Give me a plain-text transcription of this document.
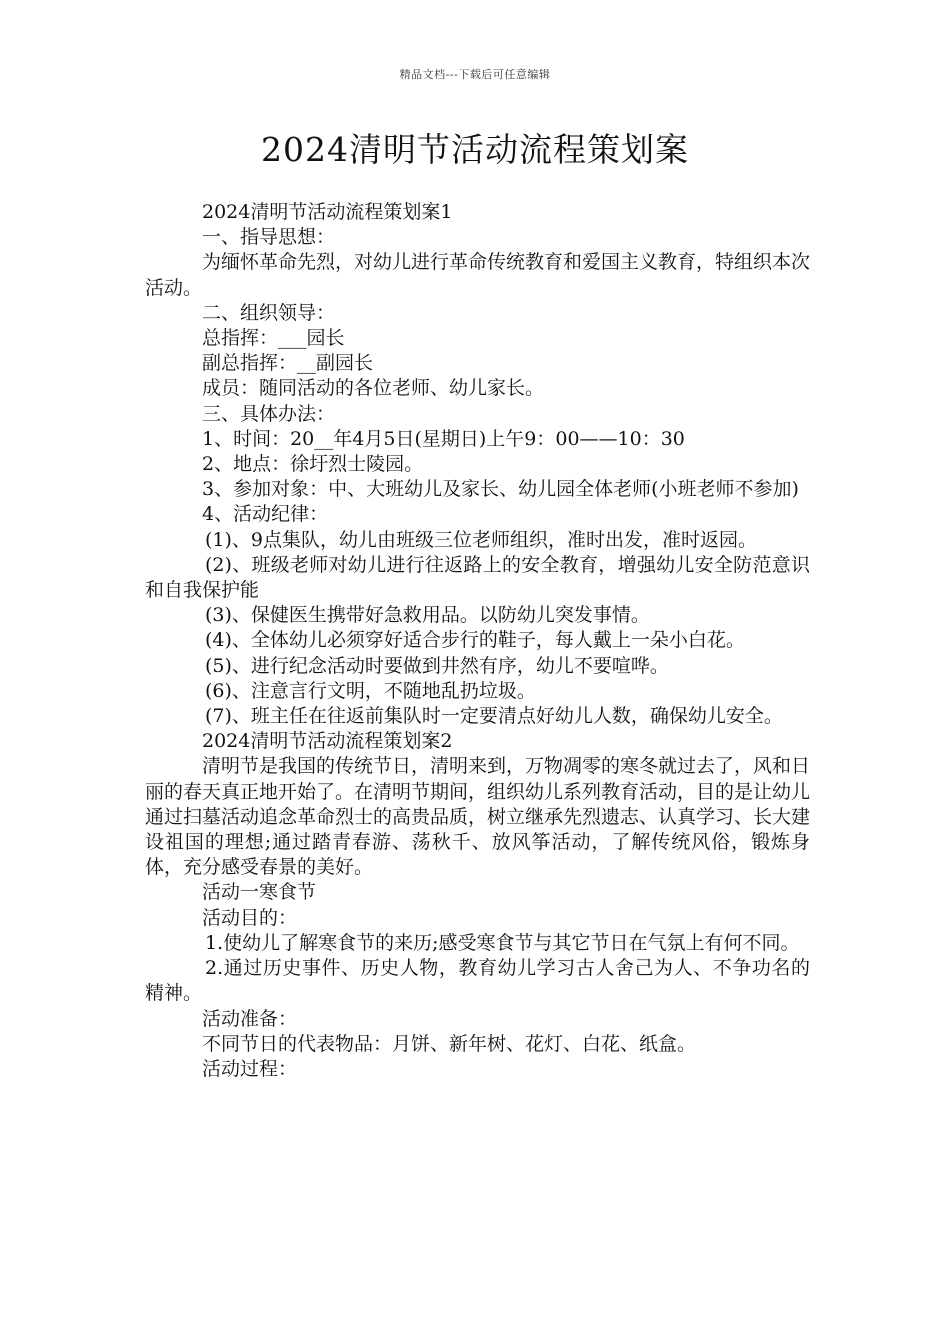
精品文档---下载后可任意编辑
2024清明节活动流程策划案

2024清明节活动流程策划案1

一、指导思想：

为缅怀革命先烈，对幼儿进行革命传统教育和爱国主义教育，特组织本次活动。

二、组织领导：

总指挥：___园长

副总指挥：__副园长

成员：随同活动的各位老师、幼儿家长。

三、具体办法：

1、时间：20__年4月5日(星期日)上午9：00——10：30

2、地点：徐圩烈士陵园。

3、参加对象：中、大班幼儿及家长、幼儿园全体老师(小班老师不参加)

4、活动纪律：

(1)、9点集队，幼儿由班级三位老师组织，准时出发，准时返园。

(2)、班级老师对幼儿进行往返路上的安全教育，增强幼儿安全防范意识和自我保护能

(3)、保健医生携带好急救用品。以防幼儿突发事情。

(4)、全体幼儿必须穿好适合步行的鞋子，每人戴上一朵小白花。

(5)、进行纪念活动时要做到井然有序，幼儿不要喧哗。

(6)、注意言行文明，不随地乱扔垃圾。

(7)、班主任在往返前集队时一定要清点好幼儿人数，确保幼儿安全。

2024清明节活动流程策划案2

清明节是我国的传统节日，清明来到，万物凋零的寒冬就过去了，风和日丽的春天真正地开始了。在清明节期间，组织幼儿系列教育活动，目的是让幼儿通过扫墓活动追念革命烈士的高贵品质，树立继承先烈遗志、认真学习、长大建设祖国的理想;通过踏青春游、荡秋千、放风筝活动，了解传统风俗，锻炼身体，充分感受春景的美好。

活动一寒食节

活动目的：

1.使幼儿了解寒食节的来历;感受寒食节与其它节日在气氛上有何不同。

2.通过历史事件、历史人物，教育幼儿学习古人舍己为人、不争功名的精神。

活动准备：

不同节日的代表物品：月饼、新年树、花灯、白花、纸盒。

活动过程：
